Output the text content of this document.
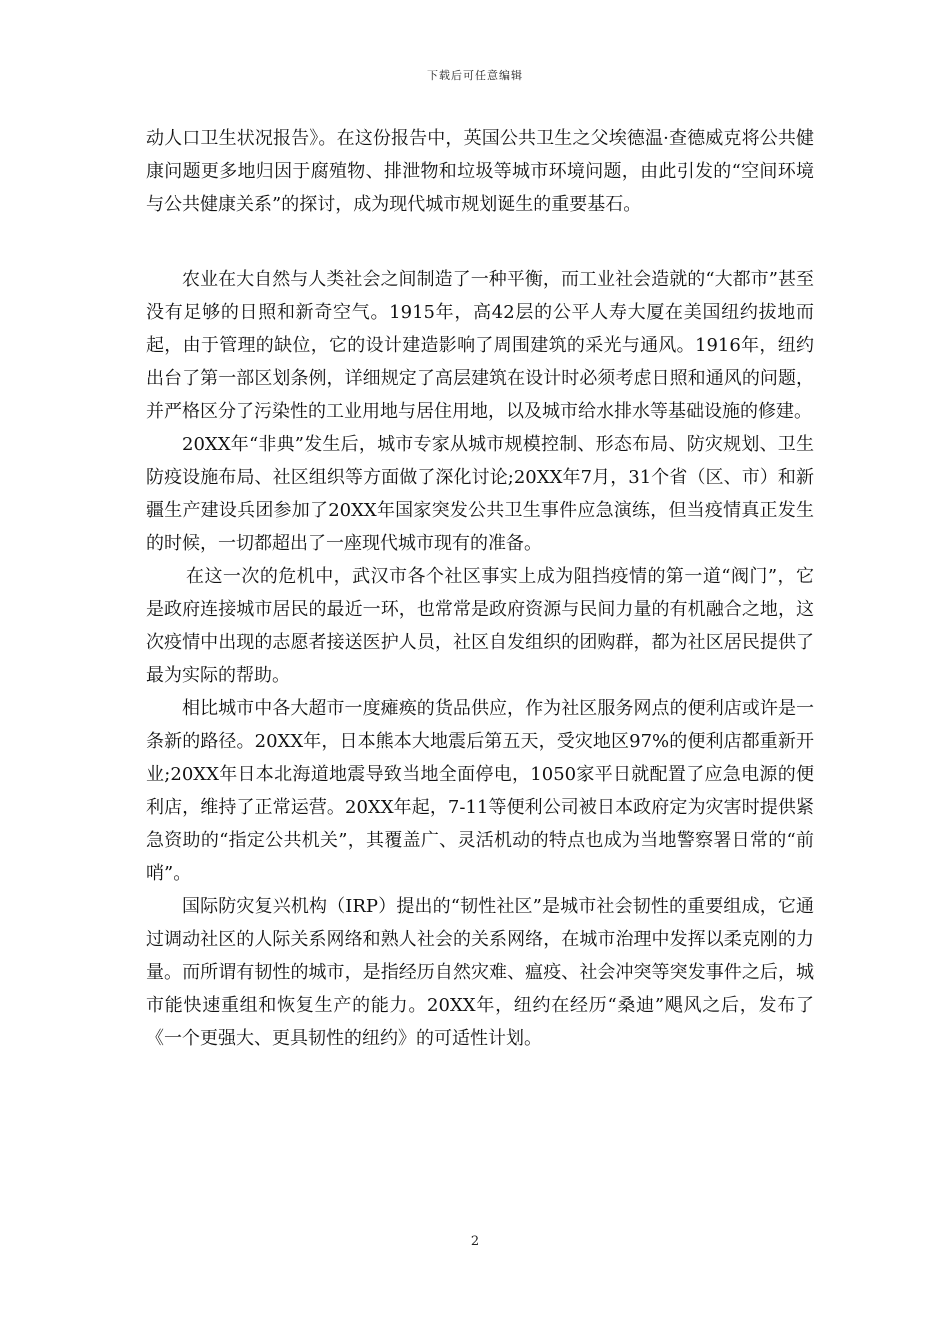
下载后可任意编辑

动人口卫生状况报告》。在这份报告中，英国公共卫生之父埃德温·查德威克将公共健康问题更多地归因于腐殖物、排泄物和垃圾等城市环境问题，由此引发的“空间环境与公共健康关系”的探讨，成为现代城市规划诞生的重要基石。

农业在大自然与人类社会之间制造了一种平衡，而工业社会造就的“大都市”甚至没有足够的日照和新奇空气。1915年，高42层的公平人寿大厦在美国纽约拔地而起，由于管理的缺位，它的设计建造影响了周围建筑的采光与通风。1916年，纽约出台了第一部区划条例，详细规定了高层建筑在设计时必须考虑日照和通风的问题，并严格区分了污染性的工业用地与居住用地，以及城市给水排水等基础设施的修建。

20XX年“非典”发生后，城市专家从城市规模控制、形态布局、防灾规划、卫生防疫设施布局、社区组织等方面做了深化讨论;20XX年7月，31个省（区、市）和新疆生产建设兵团参加了20XX年国家突发公共卫生事件应急演练，但当疫情真正发生的时候，一切都超出了一座现代城市现有的准备。

在这一次的危机中，武汉市各个社区事实上成为阻挡疫情的第一道“阀门”，它是政府连接城市居民的最近一环，也常常是政府资源与民间力量的有机融合之地，这次疫情中出现的志愿者接送医护人员，社区自发组织的团购群，都为社区居民提供了最为实际的帮助。

相比城市中各大超市一度瘫痪的货品供应，作为社区服务网点的便利店或许是一条新的路径。20XX年，日本熊本大地震后第五天，受灾地区97%的便利店都重新开业;20XX年日本北海道地震导致当地全面停电，1050家平日就配置了应急电源的便利店，维持了正常运营。20XX年起，7-11等便利公司被日本政府定为灾害时提供紧急资助的“指定公共机关”，其覆盖广、灵活机动的特点也成为当地警察署日常的“前哨”。

国际防灾复兴机构（IRP）提出的“韧性社区”是城市社会韧性的重要组成，它通过调动社区的人际关系网络和熟人社会的关系网络，在城市治理中发挥以柔克刚的力量。而所谓有韧性的城市，是指经历自然灾难、瘟疫、社会冲突等突发事件之后，城市能快速重组和恢复生产的能力。20XX年，纽约在经历“桑迪”飓风之后，发布了《一个更强大、更具韧性的纽约》的可适性计划。

2
